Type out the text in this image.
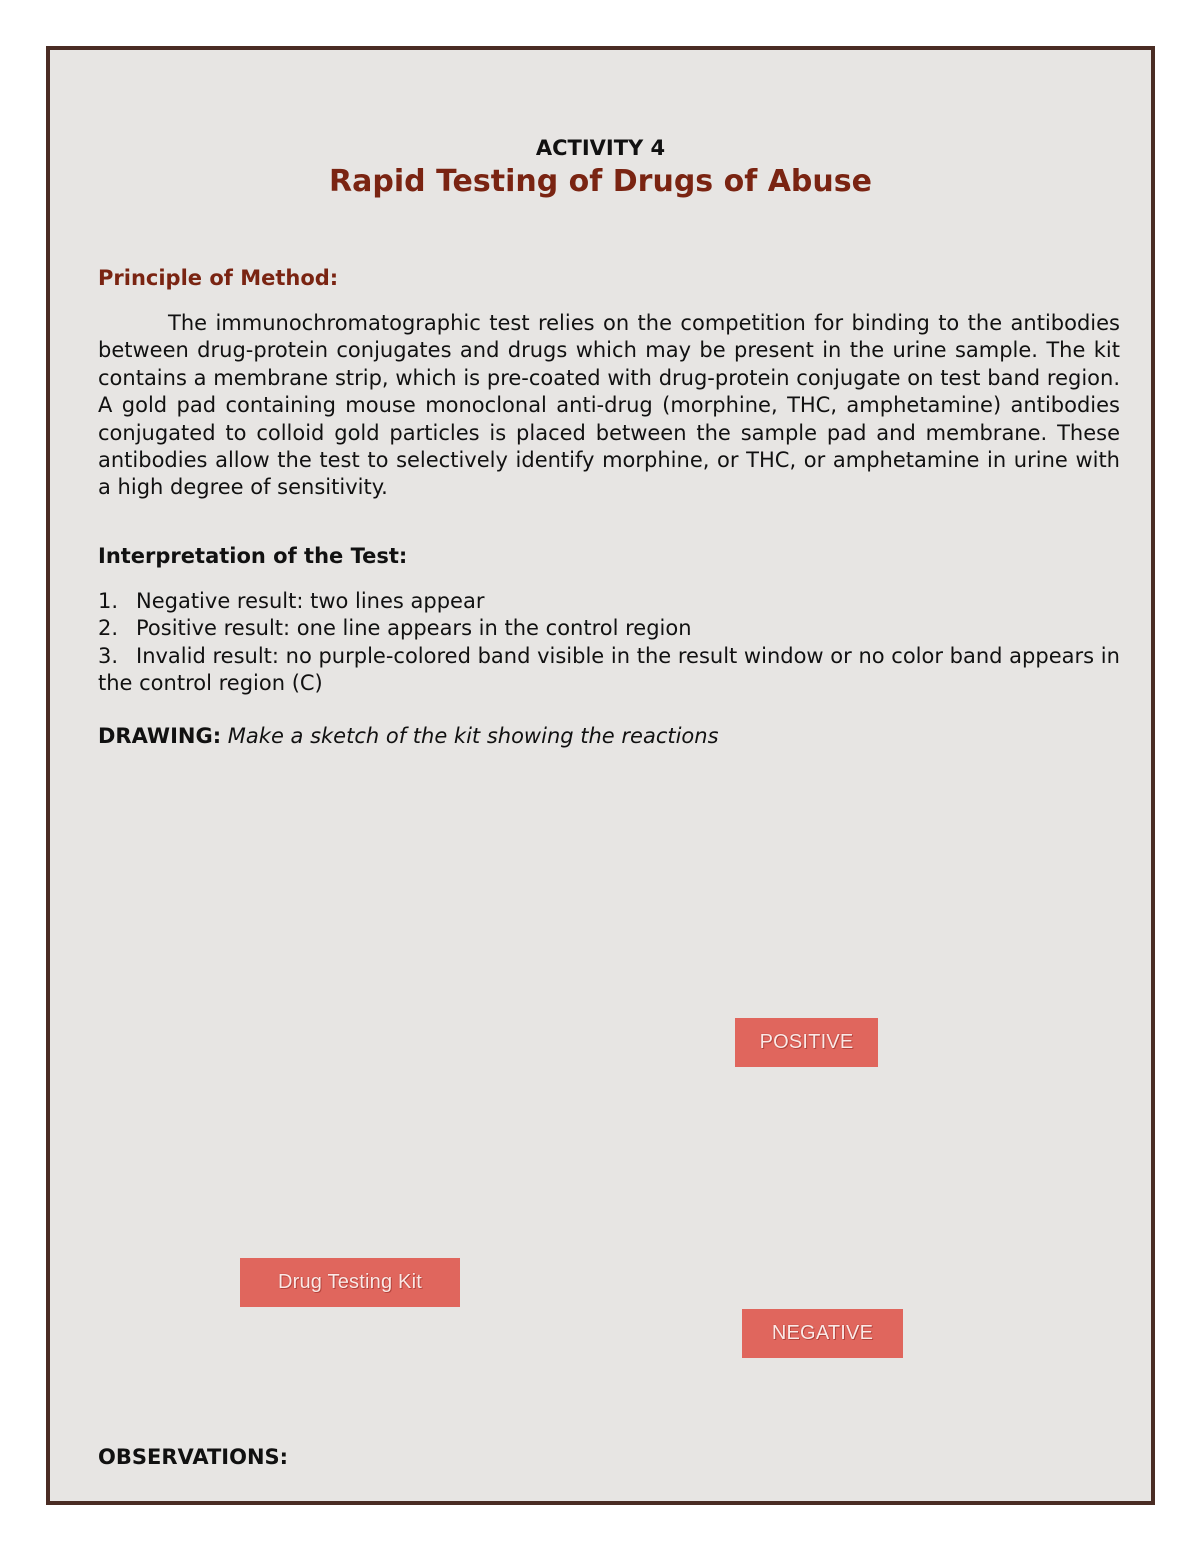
ACTIVITY 4
Rapid Testing of Drugs of Abuse
Principle of Method:

The immunochromatographic test relies on the competition for binding to the antibodies between drug-protein conjugates and drugs which may be present in the urine sample. The kit contains a membrane strip, which is pre-coated with drug-protein conjugate on test band region. A gold pad containing mouse monoclonal anti-drug (morphine, THC, amphetamine) antibodies conjugated to colloid gold particles is placed between the sample pad and membrane. These antibodies allow the test to selectively identify morphine, or THC, or amphetamine in urine with a high degree of sensitivity.

Interpretation of the Test:
1. Negative result: two lines appear
2. Positive result: one line appears in the control region
3. Invalid result: no purple-colored band visible in the result window or no color band appears in the control region (C)
DRAWING: Make a sketch of the kit showing the reactions
POSITIVE
Drug Testing Kit
NEGATIVE
OBSERVATIONS:
